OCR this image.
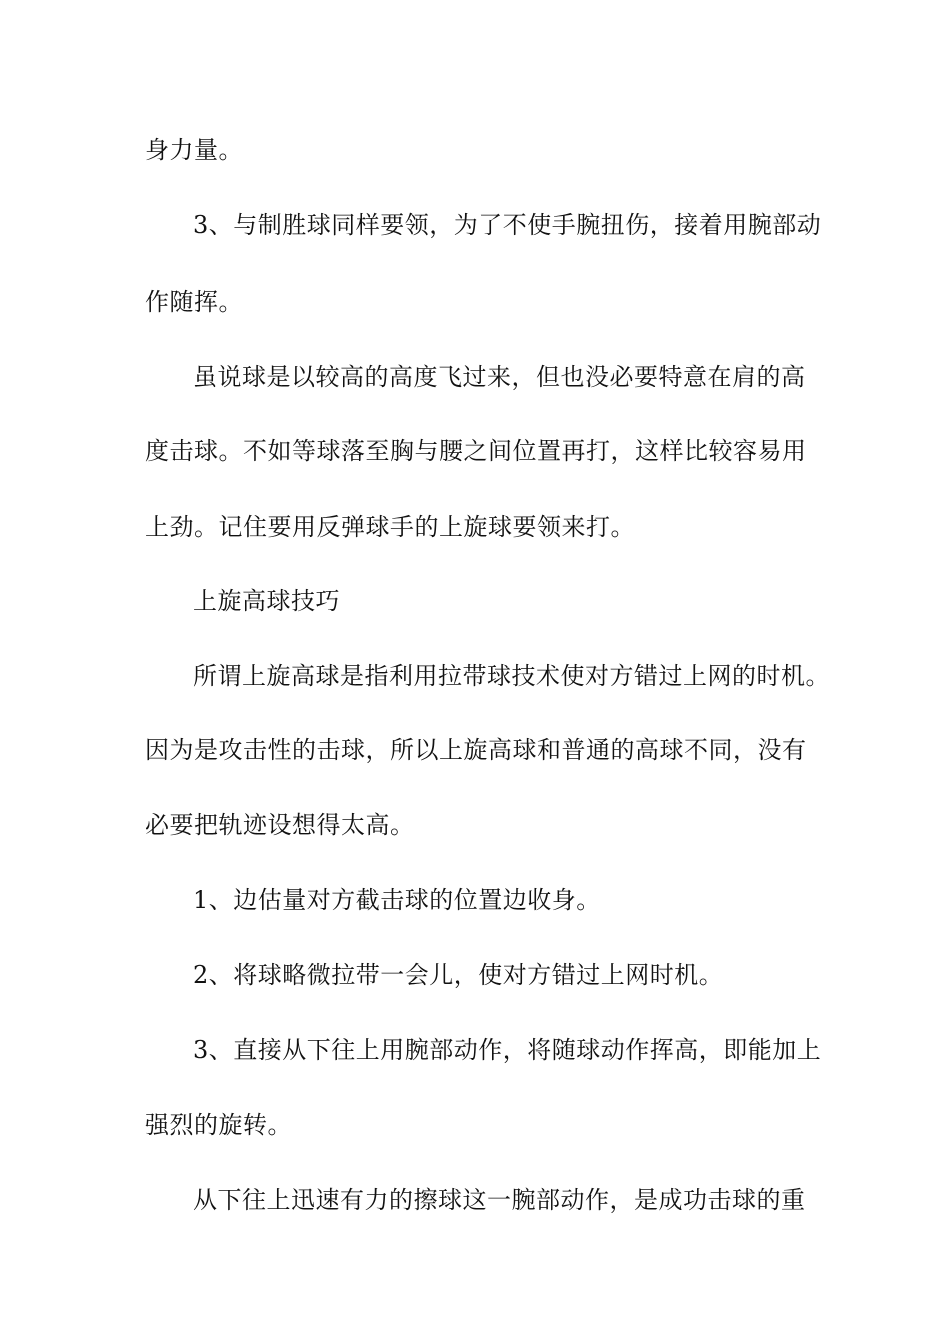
身力量。
3、与制胜球同样要领，为了不使手腕扭伤，接着用腕部动
作随挥。
虽说球是以较高的高度飞过来，但也没必要特意在肩的高
度击球。不如等球落至胸与腰之间位置再打，这样比较容易用
上劲。记住要用反弹球手的上旋球要领来打。
上旋高球技巧
所谓上旋高球是指利用拉带球技术使对方错过上网的时机。
因为是攻击性的击球，所以上旋高球和普通的高球不同，没有
必要把轨迹设想得太高。
1、边估量对方截击球的位置边收身。
2、将球略微拉带一会儿，使对方错过上网时机。
3、直接从下往上用腕部动作，将随球动作挥高，即能加上
强烈的旋转。
从下往上迅速有力的擦球这一腕部动作，是成功击球的重
